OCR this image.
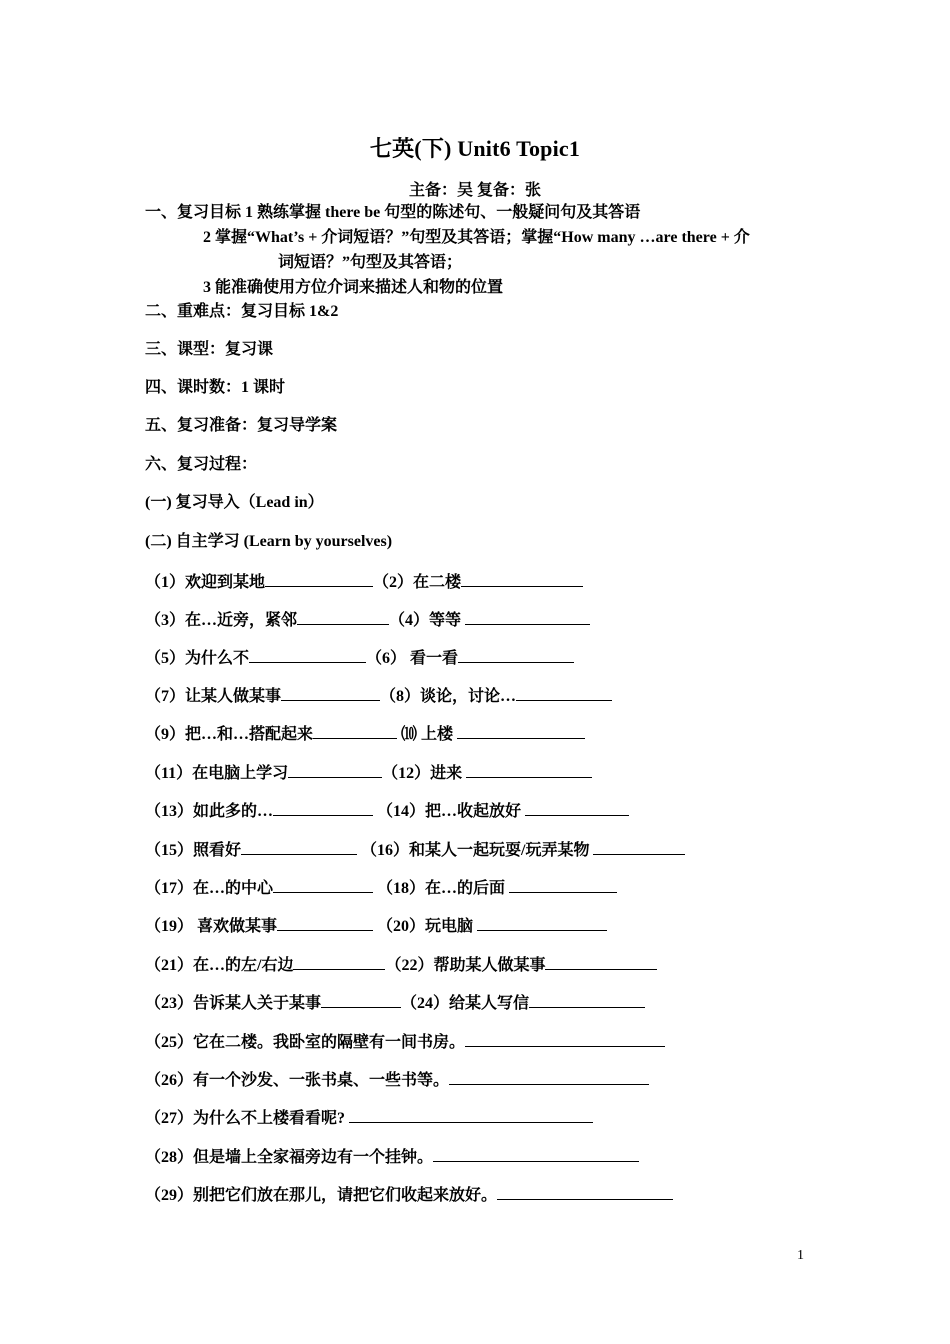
七英(下) Unit6 Topic1
主备：吴 复备：张
一、复习目标 1 熟练掌握 there be 句型的陈述句、一般疑问句及其答语
2 掌握“What’s + 介词短语？”句型及其答语；掌握“How many …are there + 介
词短语？”句型及其答语；
3 能准确使用方位介词来描述人和物的位置
二、重难点：复习目标 1&2
三、课型：复习课
四、课时数：1 课时
五、复习准备：复习导学案
六、复习过程：
(一) 复习导入（Lead in）
(二) 自主学习 (Learn by yourselves)
（1）欢迎到某地	（2）在二楼
（3）在…近旁，紧邻	（4）等等
（5）为什么不	（6） 看一看
（7）让某人做某事	（8）谈论，讨论…
（9）把…和…搭配起来	⑽ 上楼
（11）在电脑上学习	（12）进来
（13）如此多的…	（14）把…收起放好
（15）照看好	（16）和某人一起玩耍/玩弄某物
（17）在…的中心	（18）在…的后面
（19） 喜欢做某事	（20）玩电脑
（21）在…的左/右边	（22）帮助某人做某事
（23）告诉某人关于某事	（24）给某人写信
（25）它在二楼。我卧室的隔壁有一间书房。
（26）有一个沙发、一张书桌、一些书等。
（27）为什么不上楼看看呢?
（28）但是墙上全家福旁边有一个挂钟。
（29）别把它们放在那儿，请把它们收起来放好。
1
